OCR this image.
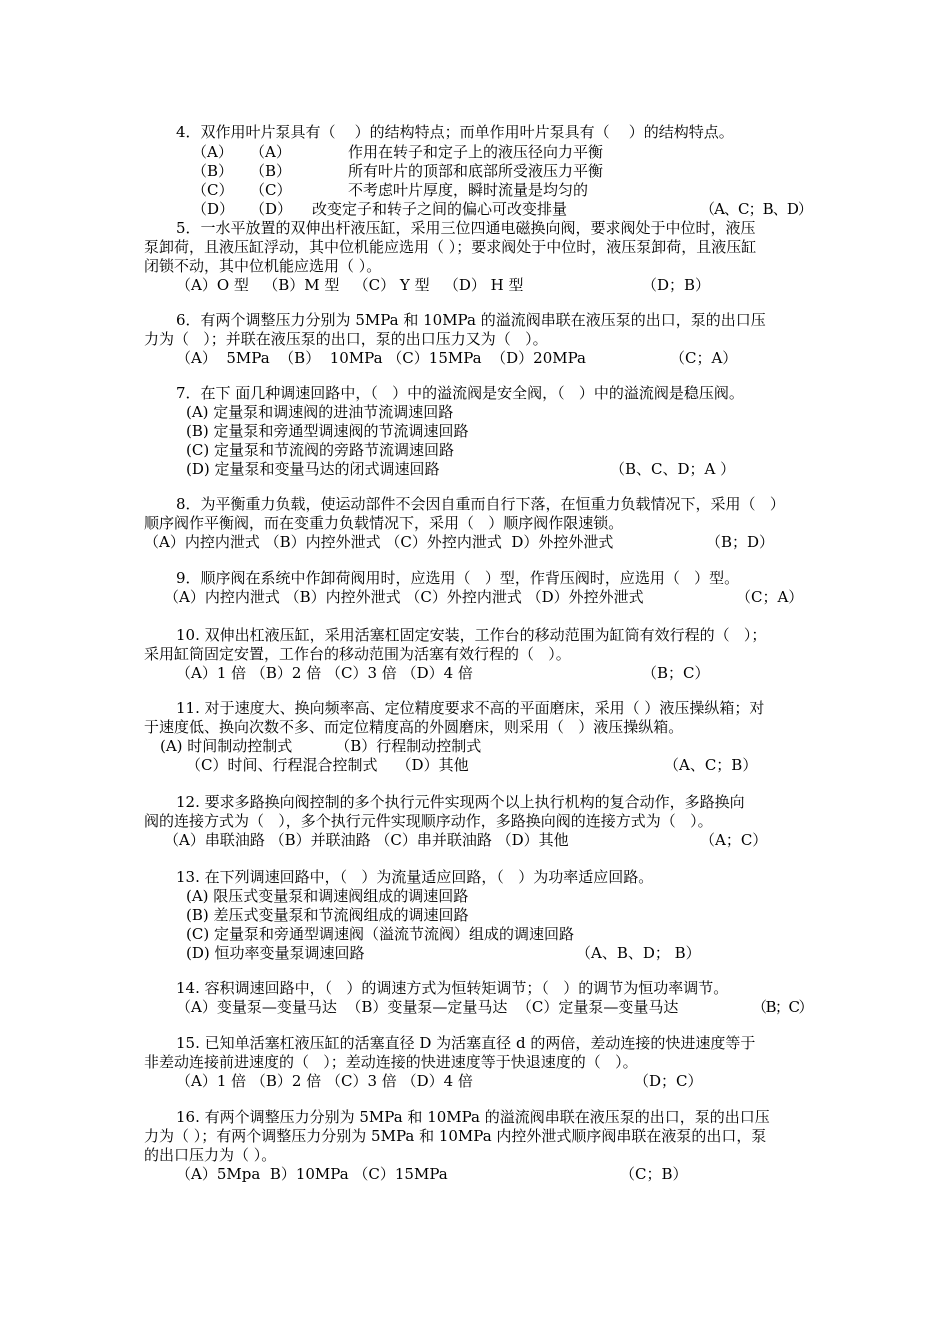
4．双作用叶片泵具有（    ）的结构特点；而单作用叶片泵具有（    ）的结构特点。
（A） （A）	作用在转子和定子上的液压径向力平衡
（B） （B）	所有叶片的顶部和底部所受液压力平衡
（C） （C）	不考虑叶片厚度，瞬时流量是均匀的
（D） （D） 改变定子和转子之间的偏心可改变排量	（A、C；B、D）
5．一水平放置的双伸出杆液压缸，采用三位四通电磁换向阀，要求阀处于中位时，液压
泵卸荷，且液压缸浮动，其中位机能应选用（ ）；要求阀处于中位时，液压泵卸荷，且液压缸
闭锁不动，其中位机能应选用（ ）。
（A）O 型   （B）M 型   （C） Y 型   （D） H 型	（D；B）
6．有两个调整压力分别为 5MPa 和 10MPa 的溢流阀串联在液压泵的出口，泵的出口压
力为（   ）；并联在液压泵的出口，泵的出口压力又为（   ）。
（A）  5MPa  （B）  10MPa （C）15MPa  （D）20MPa	（C；A）
7．在下 面几种调速回路中，（   ）中的溢流阀是安全阀，（   ）中的溢流阀是稳压阀。
(A) 定量泵和调速阀的进油节流调速回路
(B) 定量泵和旁通型调速阀的节流调速回路
(C) 定量泵和节流阀的旁路节流调速回路
(D) 定量泵和变量马达的闭式调速回路	（B、C、D；A ）
8．为平衡重力负载，使运动部件不会因自重而自行下落，在恒重力负载情况下，采用（   ）
顺序阀作平衡阀，而在变重力负载情况下，采用（   ）顺序阀作限速锁。
（A）内控内泄式 （B）内控外泄式 （C）外控内泄式  D）外控外泄式	（B；D）
9．顺序阀在系统中作卸荷阀用时，应选用（   ）型，作背压阀时，应选用（   ）型。
（A）内控内泄式 （B）内控外泄式 （C）外控内泄式 （D）外控外泄式	（C；A）
10. 双伸出杠液压缸，采用活塞杠固定安装，工作台的移动范围为缸筒有效行程的（   ）；
采用缸筒固定安置，工作台的移动范围为活塞有效行程的（   ）。
（A）1 倍 （B）2 倍 （C）3 倍 （D）4 倍	（B；C）
11. 对于速度大、换向频率高、定位精度要求不高的平面磨床，采用（ ）液压操纵箱；对
于速度低、换向次数不多、而定位精度高的外圆磨床，则采用（   ）液压操纵箱。
(A) 时间制动控制式         （B）行程制动控制式
（C）时间、行程混合控制式    （D）其他	（A、C；B）
12. 要求多路换向阀控制的多个执行元件实现两个以上执行机构的复合动作，多路换向
阀的连接方式为（   ），多个执行元件实现顺序动作，多路换向阀的连接方式为（   ）。
（A）串联油路 （B）并联油路 （C）串并联油路 （D）其他	（A；C）
13. 在下列调速回路中，（   ）为流量适应回路，（   ）为功率适应回路。
(A) 限压式变量泵和调速阀组成的调速回路
(B) 差压式变量泵和节流阀组成的调速回路
(C) 定量泵和旁通型调速阀（溢流节流阀）组成的调速回路
(D) 恒功率变量泵调速回路	（A、B、D； B）
14. 容积调速回路中，（   ）的调速方式为恒转矩调节；（   ）的调节为恒功率调节。
（A）变量泵—变量马达  （B）变量泵—定量马达  （C）定量泵—变量马达	（B；C）
15. 已知单活塞杠液压缸的活塞直径 D 为活塞直径 d 的两倍，差动连接的快进速度等于
非差动连接前进速度的（   ）；差动连接的快进速度等于快退速度的（   ）。
（A）1 倍 （B）2 倍 （C）3 倍 （D）4 倍	（D；C）
16. 有两个调整压力分别为 5MPa 和 10MPa 的溢流阀串联在液压泵的出口，泵的出口压
力为（ ）；有两个调整压力分别为 5MPa 和 10MPa 内控外泄式顺序阀串联在液泵的出口，泵
的出口压力为（ ）。
（A）5Mpa  B）10MPa （C）15MPa	（C；B）
